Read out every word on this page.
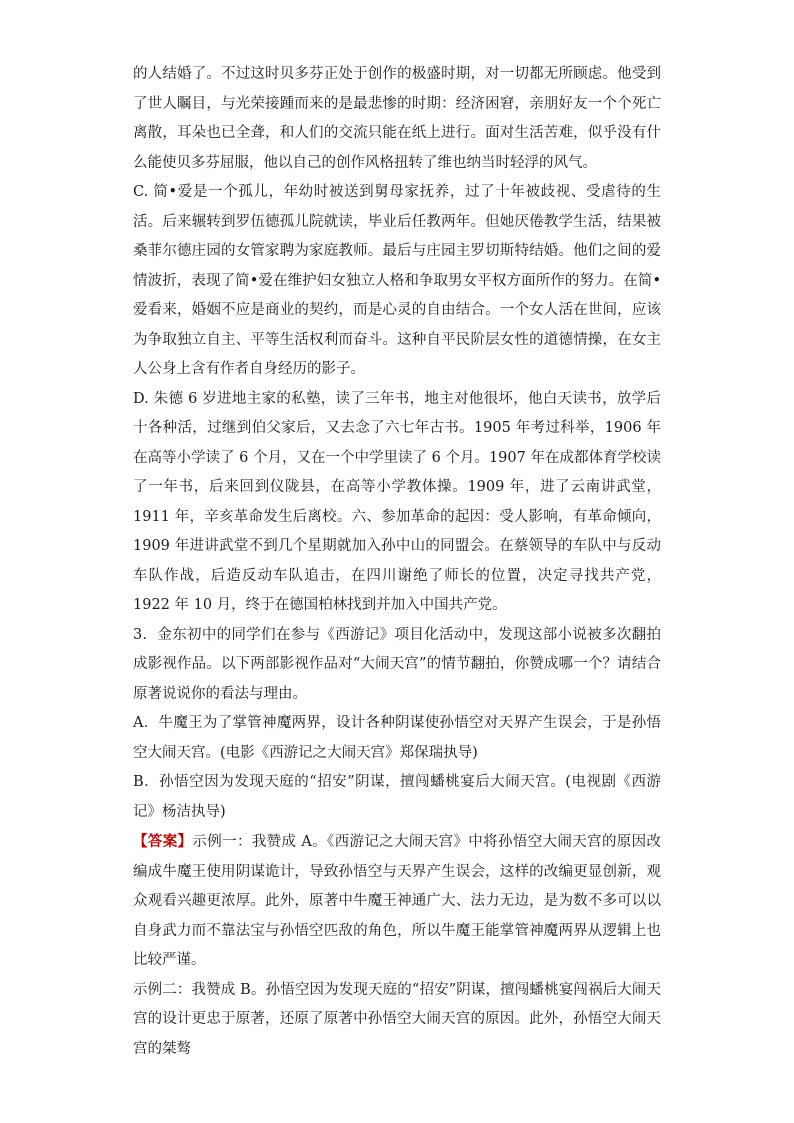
的人结婚了。不过这时贝多芬正处于创作的极盛时期，对一切都无所顾虑。他受到了世人瞩目，与光荣接踵而来的是最悲惨的时期：经济困窘，亲朋好友一个个死亡离散，耳朵也已全聋，和人们的交流只能在纸上进行。面对生活苦难，似乎没有什么能使贝多芬屈服，他以自己的创作风格扭转了维也纳当时轻浮的风气。

C. 简•爱是一个孤儿，年幼时被送到舅母家抚养，过了十年被歧视、受虐待的生活。后来辗转到罗伍德孤儿院就读，毕业后任教两年。但她厌倦教学生活，结果被桑菲尔德庄园的女管家聘为家庭教师。最后与庄园主罗切斯特结婚。他们之间的爱情波折，表现了简•爱在维护妇女独立人格和争取男女平权方面所作的努力。在简•爱看来，婚姻不应是商业的契约，而是心灵的自由结合。一个女人活在世间，应该为争取独立自主、平等生活权利而奋斗。这种自平民阶层女性的道德情操，在女主人公身上含有作者自身经历的影子。

D. 朱德 6 岁进地主家的私塾，读了三年书，地主对他很坏，他白天读书，放学后十各种活，过继到伯父家后，又去念了六七年古书。1905 年考过科举，1906 年在高等小学读了 6 个月，又在一个中学里读了 6 个月。1907 年在成都体育学校读了一年书，后来回到仪陇县，在高等小学教体操。1909 年，进了云南讲武堂，1911 年，辛亥革命发生后离校。六、参加革命的起因：受人影响，有革命倾向，1909 年进讲武堂不到几个星期就加入孙中山的同盟会。在蔡领导的车队中与反动车队作战，后造反动车队追击，在四川谢绝了师长的位置，决定寻找共产党，1922 年 10 月，终于在德国柏林找到并加入中国共产党。

3．金东初中的同学们在参与《西游记》项目化活动中，发现这部小说被多次翻拍成影视作品。以下两部影视作品对“大闹天宫”的情节翻拍，你赞成哪一个？请结合原著说说你的看法与理由。

A．牛魔王为了掌管神魔两界，设计各种阴谋使孙悟空对天界产生误会，于是孙悟空大闹天宫。(电影《西游记之大闹天宫》郑保瑞执导)

B．孙悟空因为发现天庭的“招安”阴谋，擅闯蟠桃宴后大闹天宫。(电视剧《西游记》杨洁执导)

【答案】示例一：我赞成 A。《西游记之大闹天宫》中将孙悟空大闹天宫的原因改编成牛魔王使用阴谋诡计，导致孙悟空与天界产生误会，这样的改编更显创新，观众观看兴趣更浓厚。此外，原著中牛魔王神通广大、法力无边，是为数不多可以以自身武力而不靠法宝与孙悟空匹敌的角色，所以牛魔王能掌管神魔两界从逻辑上也比较严谨。

示例二：我赞成 B。孙悟空因为发现天庭的“招安”阴谋，擅闯蟠桃宴闯祸后大闹天宫的设计更忠于原著，还原了原著中孙悟空大闹天宫的原因。此外，孙悟空大闹天宫的桀骜
